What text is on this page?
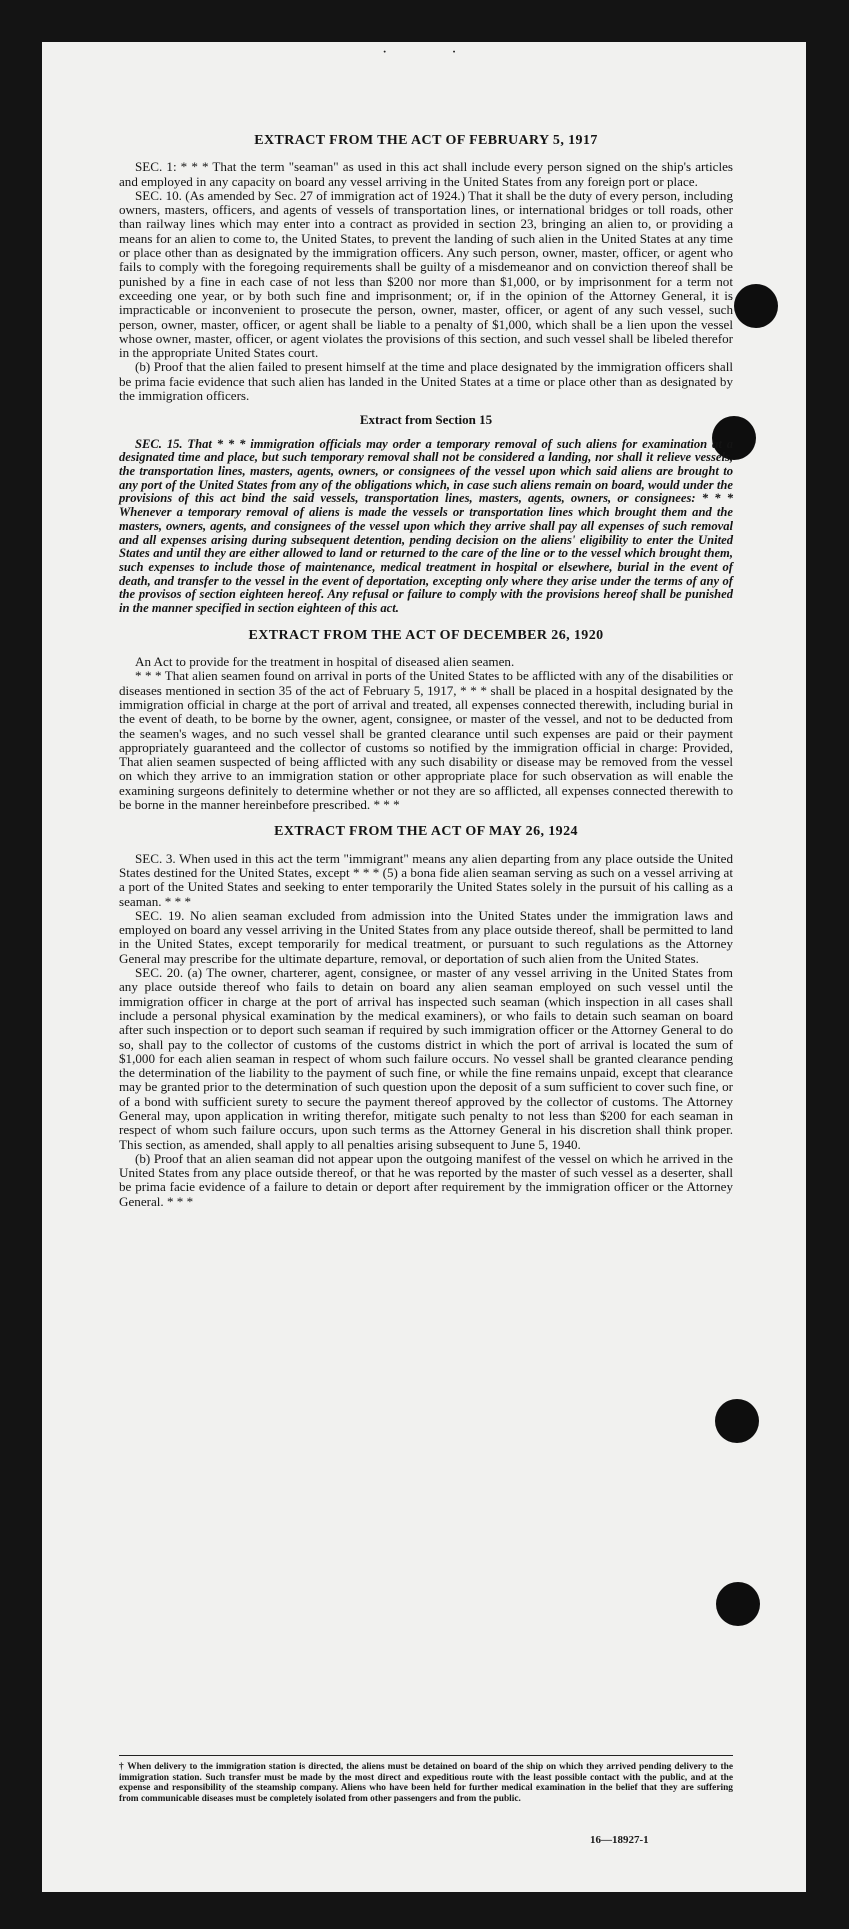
· ·
EXTRACT FROM THE ACT OF FEBRUARY 5, 1917

SEC. 1: * * * That the term "seaman" as used in this act shall include every person signed on the ship's articles and employed in any capacity on board any vessel arriving in the United States from any foreign port or place.

SEC. 10. (As amended by Sec. 27 of immigration act of 1924.) That it shall be the duty of every person, including owners, masters, officers, and agents of vessels of transportation lines, or international bridges or toll roads, other than railway lines which may enter into a contract as provided in section 23, bringing an alien to, or providing a means for an alien to come to, the United States, to prevent the landing of such alien in the United States at any time or place other than as designated by the immigration officers. Any such person, owner, master, officer, or agent who fails to comply with the foregoing requirements shall be guilty of a misdemeanor and on conviction thereof shall be punished by a fine in each case of not less than $200 nor more than $1,000, or by imprisonment for a term not exceeding one year, or by both such fine and imprisonment; or, if in the opinion of the Attorney General, it is impracticable or inconvenient to prosecute the person, owner, master, officer, or agent of any such vessel, such person, owner, master, officer, or agent shall be liable to a penalty of $1,000, which shall be a lien upon the vessel whose owner, master, officer, or agent violates the provisions of this section, and such vessel shall be libeled therefor in the appropriate United States court.

(b) Proof that the alien failed to present himself at the time and place designated by the immigration officers shall be prima facie evidence that such alien has landed in the United States at a time or place other than as designated by the immigration officers.

Extract from Section 15

SEC. 15. That * * * immigration officials may order a temporary removal of such aliens for examination at a designated time and place, but such temporary removal shall not be considered a landing, nor shall it relieve vessels, the transportation lines, masters, agents, owners, or consignees of the vessel upon which said aliens are brought to any port of the United States from any of the obligations which, in case such aliens remain on board, would under the provisions of this act bind the said vessels, transportation lines, masters, agents, owners, or consignees: * * * Whenever a temporary removal of aliens is made the vessels or transportation lines which brought them and the masters, owners, agents, and consignees of the vessel upon which they arrive shall pay all expenses of such removal and all expenses arising during subsequent detention, pending decision on the aliens' eligibility to enter the United States and until they are either allowed to land or returned to the care of the line or to the vessel which brought them, such expenses to include those of maintenance, medical treatment in hospital or elsewhere, burial in the event of death, and transfer to the vessel in the event of deportation, excepting only where they arise under the terms of any of the provisos of section eighteen hereof. Any refusal or failure to comply with the provisions hereof shall be punished in the manner specified in section eighteen of this act.

EXTRACT FROM THE ACT OF DECEMBER 26, 1920

An Act to provide for the treatment in hospital of diseased alien seamen.

* * * That alien seamen found on arrival in ports of the United States to be afflicted with any of the disabilities or diseases mentioned in section 35 of the act of February 5, 1917, * * * shall be placed in a hospital designated by the immigration official in charge at the port of arrival and treated, all expenses connected therewith, including burial in the event of death, to be borne by the owner, agent, consignee, or master of the vessel, and not to be deducted from the seamen's wages, and no such vessel shall be granted clearance until such expenses are paid or their payment appropriately guaranteed and the collector of customs so notified by the immigration official in charge: Provided, That alien seamen suspected of being afflicted with any such disability or disease may be removed from the vessel on which they arrive to an immigration station or other appropriate place for such observation as will enable the examining surgeons definitely to determine whether or not they are so afflicted, all expenses connected therewith to be borne in the manner hereinbefore prescribed. * * *

EXTRACT FROM THE ACT OF MAY 26, 1924

SEC. 3. When used in this act the term "immigrant" means any alien departing from any place outside the United States destined for the United States, except * * * (5) a bona fide alien seaman serving as such on a vessel arriving at a port of the United States and seeking to enter temporarily the United States solely in the pursuit of his calling as a seaman. * * *

SEC. 19. No alien seaman excluded from admission into the United States under the immigration laws and employed on board any vessel arriving in the United States from any place outside thereof, shall be permitted to land in the United States, except temporarily for medical treatment, or pursuant to such regulations as the Attorney General may prescribe for the ultimate departure, removal, or deportation of such alien from the United States.

SEC. 20. (a) The owner, charterer, agent, consignee, or master of any vessel arriving in the United States from any place outside thereof who fails to detain on board any alien seaman employed on such vessel until the immigration officer in charge at the port of arrival has inspected such seaman (which inspection in all cases shall include a personal physical examination by the medical examiners), or who fails to detain such seaman on board after such inspection or to deport such seaman if required by such immigration officer or the Attorney General to do so, shall pay to the collector of customs of the customs district in which the port of arrival is located the sum of $1,000 for each alien seaman in respect of whom such failure occurs. No vessel shall be granted clearance pending the determination of the liability to the payment of such fine, or while the fine remains unpaid, except that clearance may be granted prior to the determination of such question upon the deposit of a sum sufficient to cover such fine, or of a bond with sufficient surety to secure the payment thereof approved by the collector of customs. The Attorney General may, upon application in writing therefor, mitigate such penalty to not less than $200 for each seaman in respect of whom such failure occurs, upon such terms as the Attorney General in his discretion shall think proper. This section, as amended, shall apply to all penalties arising subsequent to June 5, 1940.

(b) Proof that an alien seaman did not appear upon the outgoing manifest of the vessel on which he arrived in the United States from any place outside thereof, or that he was reported by the master of such vessel as a deserter, shall be prima facie evidence of a failure to detain or deport after requirement by the immigration officer or the Attorney General. * * *

† When delivery to the immigration station is directed, the aliens must be detained on board of the ship on which they arrived pending delivery to the immigration station. Such transfer must be made by the most direct and expeditious route with the least possible contact with the public, and at the expense and responsibility of the steamship company. Aliens who have been held for further medical examination in the belief that they are suffering from communicable diseases must be completely isolated from other passengers and from the public.
16—18927-1
